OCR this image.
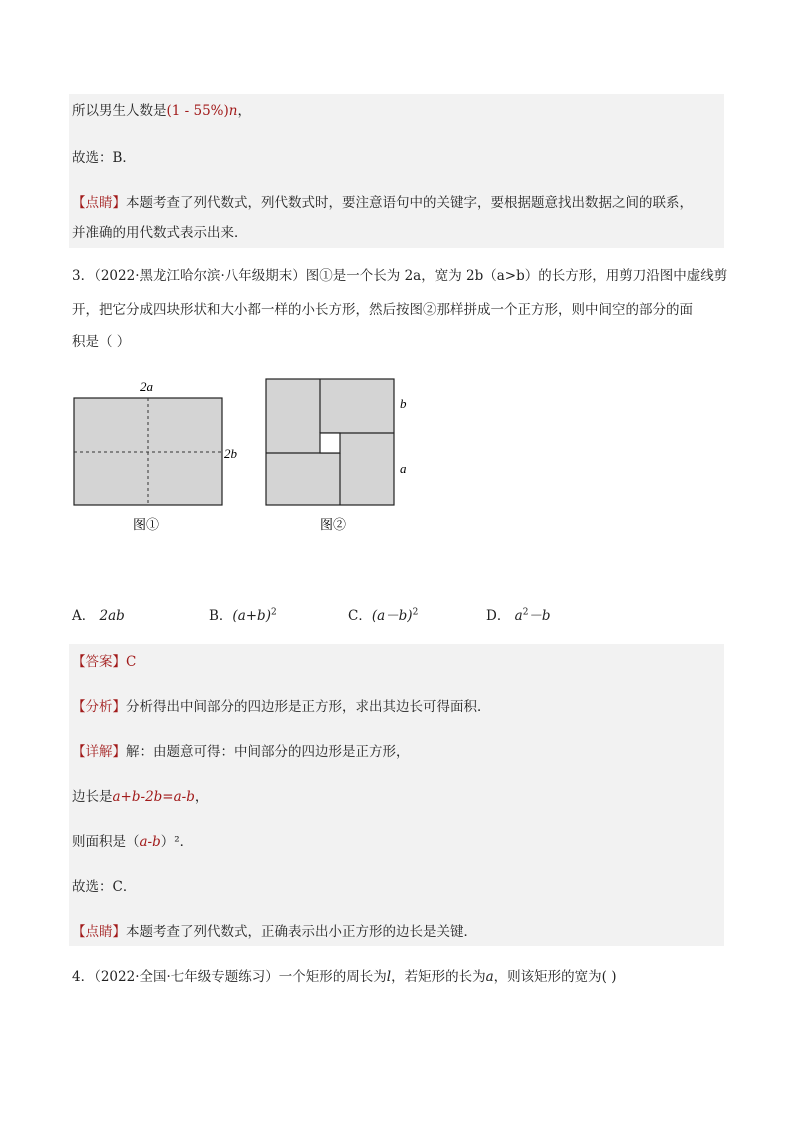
所以男生人数是(1 - 55%)n，
故选：B．
【点睛】本题考查了列代数式，列代数式时，要注意语句中的关键字，要根据题意找出数据之间的联系，
并准确的用代数式表示出来．
3．（2022·黑龙江哈尔滨·八年级期末）图①是一个长为 2a，宽为 2b（a>b）的长方形，用剪刀沿图中虚线剪
开，把它分成四块形状和大小都一样的小长方形，然后按图②那样拼成一个正方形，则中间空的部分的面
积是（ ）
2a
2b
图①
b
a
图②
A． 2ab	B．$(a+b)^2$	C．$(a-b)^2$	D． $a^2-b$
【答案】C
【分析】分析得出中间部分的四边形是正方形，求出其边长可得面积．
【详解】解：由题意可得：中间部分的四边形是正方形，
边长是a+b-2b=a-b，
则面积是（a-b）²．
故选：C．
【点睛】本题考查了列代数式，正确表示出小正方形的边长是关键．
4．（2022·全国·七年级专题练习）一个矩形的周长为l，若矩形的长为a，则该矩形的宽为( )
